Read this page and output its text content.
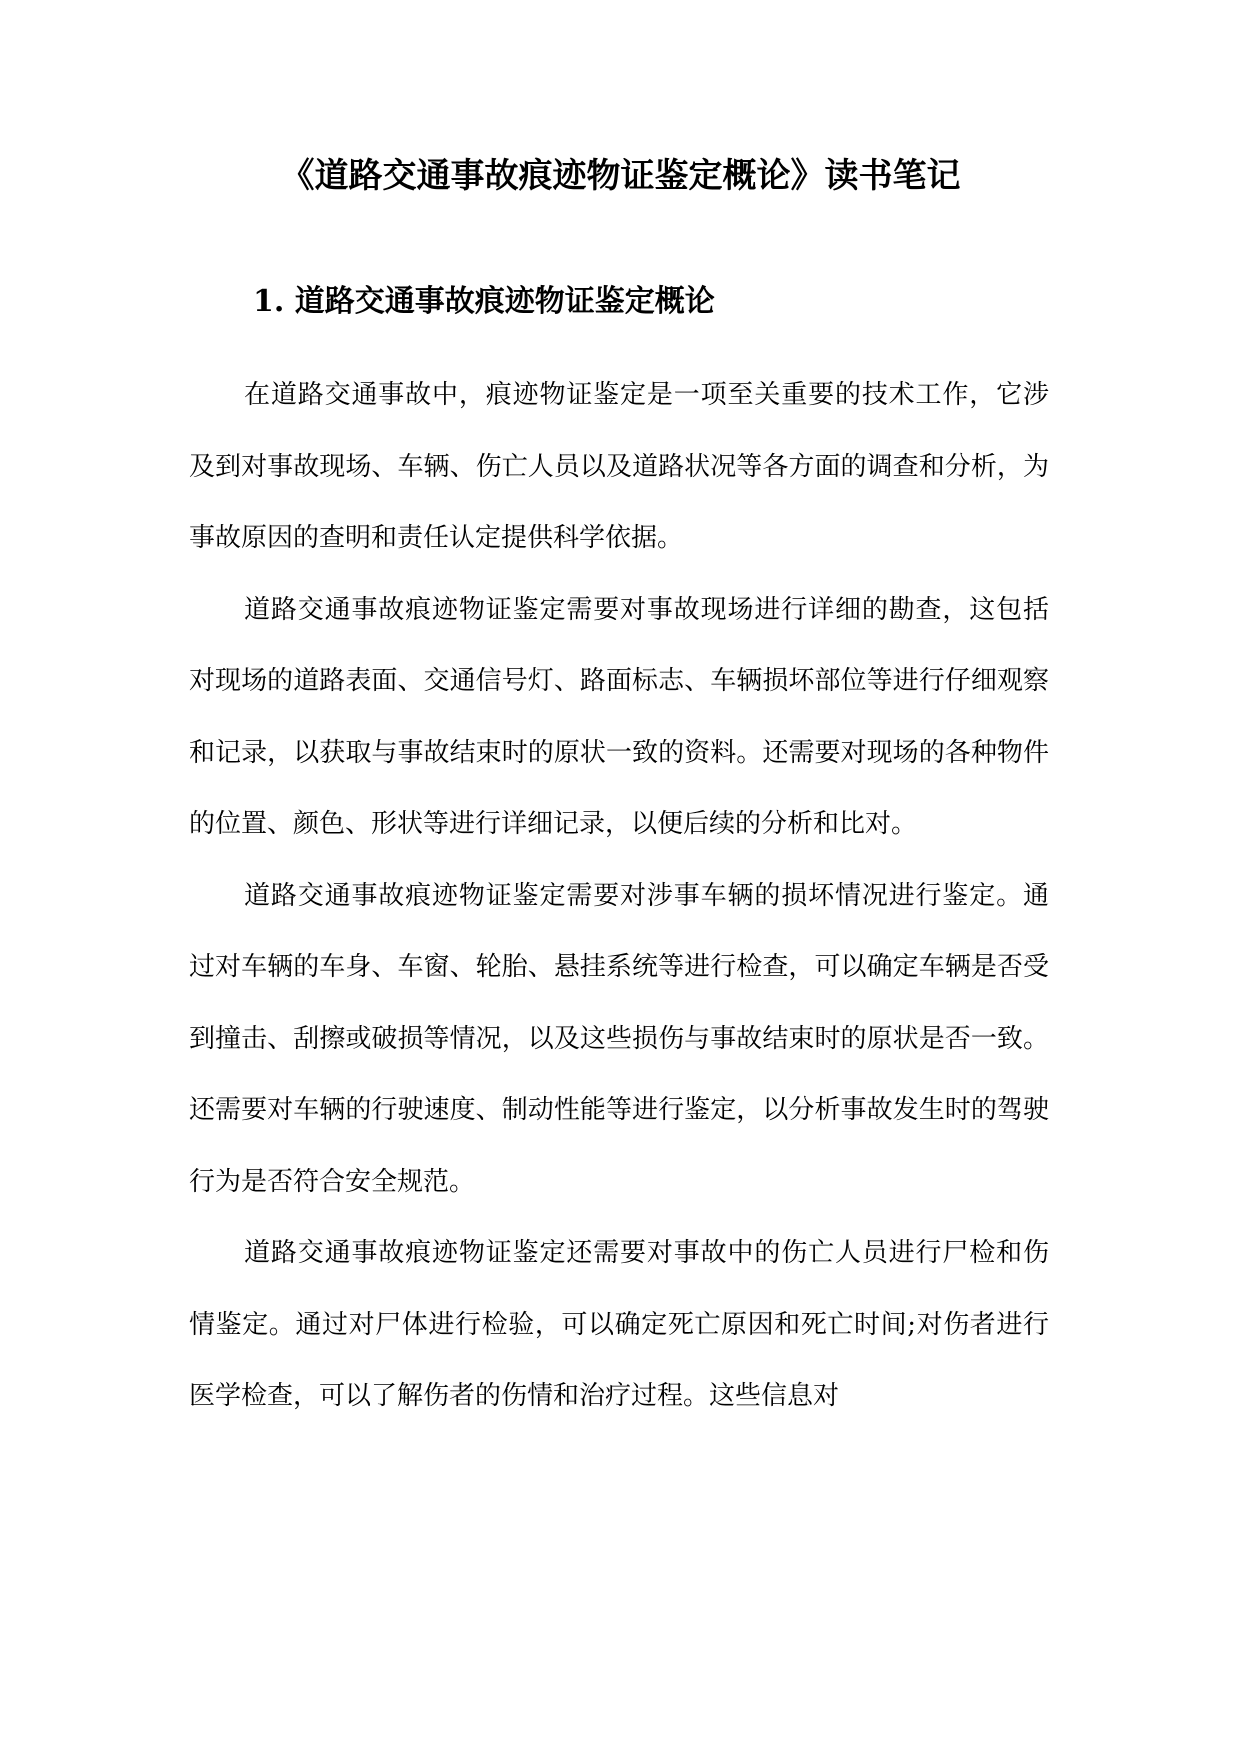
《道路交通事故痕迹物证鉴定概论》读书笔记
1. 道路交通事故痕迹物证鉴定概论

在道路交通事故中，痕迹物证鉴定是一项至关重要的技术工作，它涉及到对事故现场、车辆、伤亡人员以及道路状况等各方面的调查和分析，为事故原因的查明和责任认定提供科学依据。

道路交通事故痕迹物证鉴定需要对事故现场进行详细的勘查，这包括对现场的道路表面、交通信号灯、路面标志、车辆损坏部位等进行仔细观察和记录，以获取与事故结束时的原状一致的资料。还需要对现场的各种物件的位置、颜色、形状等进行详细记录，以便后续的分析和比对。

道路交通事故痕迹物证鉴定需要对涉事车辆的损坏情况进行鉴定。通过对车辆的车身、车窗、轮胎、悬挂系统等进行检查，可以确定车辆是否受到撞击、刮擦或破损等情况，以及这些损伤与事故结束时的原状是否一致。还需要对车辆的行驶速度、制动性能等进行鉴定，以分析事故发生时的驾驶行为是否符合安全规范。

道路交通事故痕迹物证鉴定还需要对事故中的伤亡人员进行尸检和伤情鉴定。通过对尸体进行检验，可以确定死亡原因和死亡时间;对伤者进行医学检查，可以了解伤者的伤情和治疗过程。这些信息对
